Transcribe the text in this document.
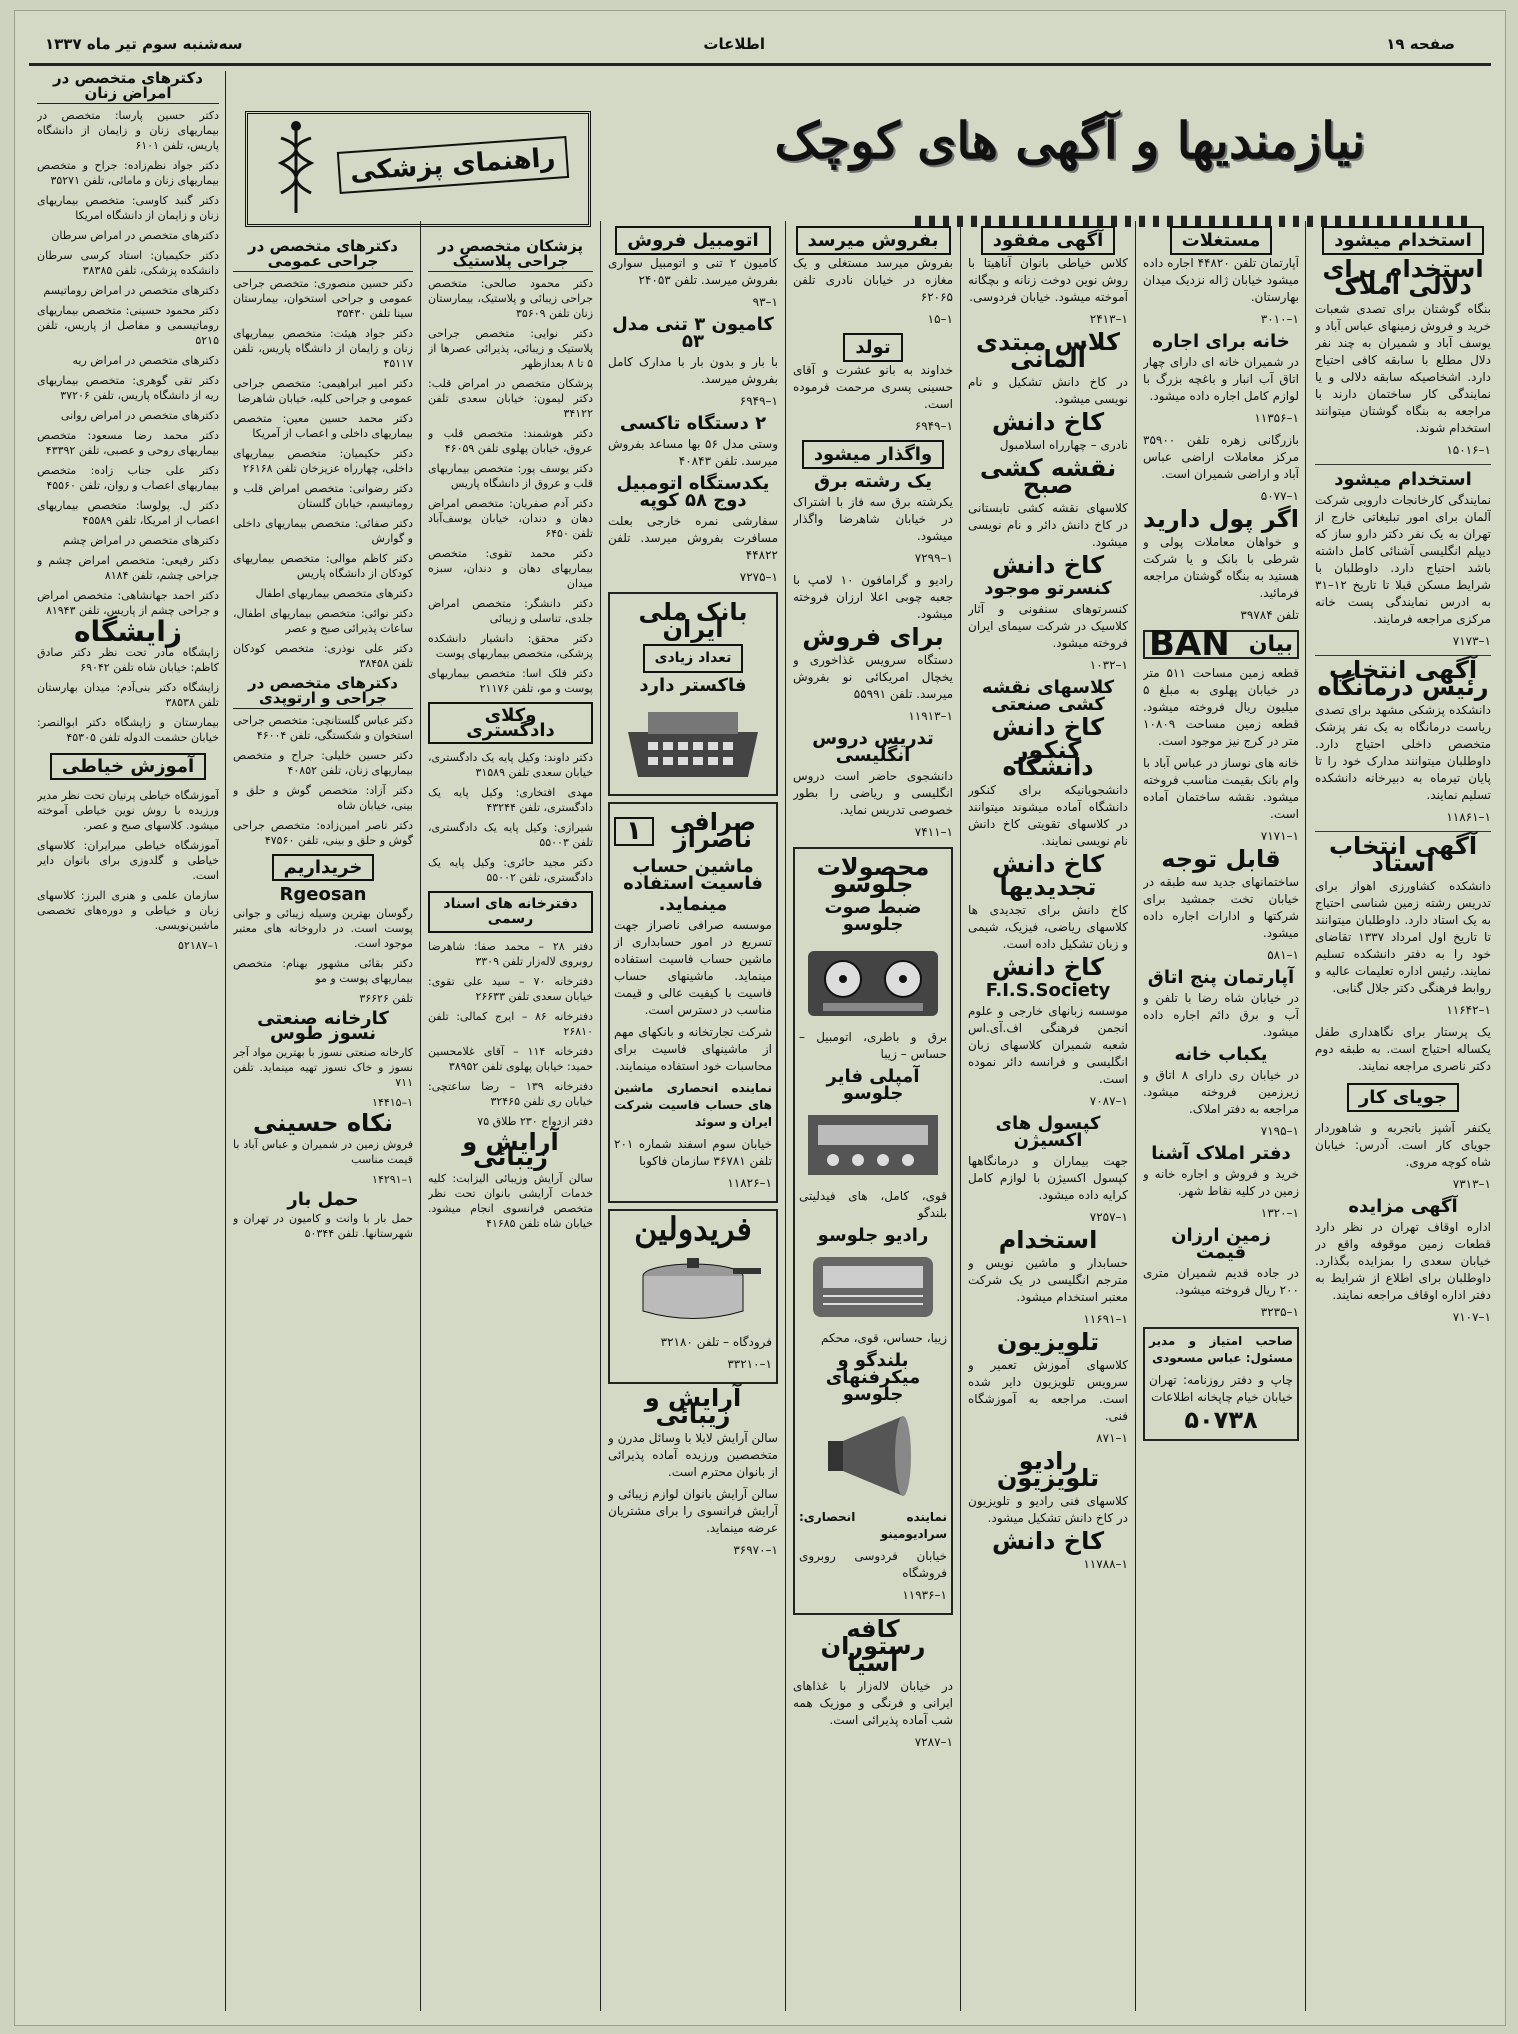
صفحه ۱۹
اطلاعات
سه‌شنبه سوم تیر ماه ۱۳۳۷
نیازمندیها و آگهی های کوچک
راهنمای پزشکی
استخدام میشود
استخدام برای دلالی املاک

بنگاه گوشتان برای تصدی شعبات خرید و فروش زمینهای عباس آباد و یوسف آباد و شمیران به چند نفر دلال مطلع با سابقه کافی احتیاج دارد. اشخاصیکه سابقه دلالی و یا نمایندگی کار ساختمان دارند با مراجعه به بنگاه گوشتان میتوانند استخدام شوند.

۱–۱۵۰۱۶

استخدام میشود

نمایندگی کارخانجات دارویی شرکت آلمان برای امور تبلیغاتی خارج از تهران به یک نفر دکتر دارو ساز که دیپلم انگلیسی آشنائی کامل داشته باشد احتیاج دارد. داوطلبان با شرایط مسکن قبلا تا تاریخ ۱۲–۳۱ به ادرس نمایندگی پست خانه مرکزی مراجعه فرمایند.

۱–۷۱۷۳

آگهی انتخاب رئیس درمانگاه

دانشکده پزشکی مشهد برای تصدی ریاست درمانگاه به یک نفر پزشک متخصص داخلی احتیاج دارد. داوطلبان میتوانند مدارک خود را تا پایان تیرماه به دبیرخانه دانشکده تسلیم نمایند.

۱–۱۱۸۶۱

آگهی انتخاب استاد

دانشکده کشاورزی اهواز برای تدریس رشته زمین شناسی احتیاج به یک استاد دارد. داوطلبان میتوانند تا تاریخ اول امرداد ۱۳۳۷ تقاضای خود را به دفتر دانشکده تسلیم نمایند. رئیس اداره تعلیمات عالیه و روابط فرهنگی دکتر جلال گنابی.

۱–۱۱۶۴۲

یک پرستار برای نگاهداری طفل یکساله احتیاج است. به طبقه دوم دکتر ناصری مراجعه نمایند.

جویای کار

یکنفر آشپز باتجربه و شاهوردار جویای کار است. آدرس: خیابان شاه کوچه مروی.

۱–۷۳۱۳

آگهی مزایده

اداره اوقاف تهران در نظر دارد قطعات زمین موقوفه واقع در خیابان سعدی را بمزایده بگذارد. داوطلبان برای اطلاع از شرایط به دفتر اداره اوقاف مراجعه نمایند.

۱–۷۱۰۷

مستغلات

آپارتمان تلفن ۴۴۸۲۰ اجاره داده میشود خیابان ژاله نزدیک میدان بهارستان.

۱–۳۰۱۰

خانه برای اجاره

در شمیران خانه ای دارای چهار اتاق آب انبار و باغچه بزرگ با لوازم کامل اجاره داده میشود.

۱–۱۱۳۵۶

بازرگانی زهره تلفن ۳۵۹۰۰ مرکز معاملات اراضی عباس آباد و اراضی شمیران است.

۱–۵۰۷۷

اگر پول دارید

و خواهان معاملات پولی و شرطی با بانک و یا شرکت هستید به بنگاه گوشتان مراجعه فرمائید.

تلفن ۳۹۷۸۴

بیان
BAN

قطعه زمین مساحت ۵۱۱ متر در خیابان پهلوی به مبلغ ۵ میلیون ریال فروخته میشود. قطعه زمین مساحت ۱۰۸۰۹ متر در کرج نیز موجود است.

خانه های نوساز در عباس آباد با وام بانک بقیمت مناسب فروخته میشود. نقشه ساختمان آماده است.

۱–۷۱۷۱

قابل توجه

ساختمانهای جدید سه طبقه در خیابان تخت جمشید برای شرکتها و ادارات اجاره داده میشود.

۱–۵۸۱

آپارتمان پنج اتاق

در خیابان شاه رضا با تلفن و آب و برق دائم اجاره داده میشود.

یکباب خانه

در خیابان ری دارای ۸ اتاق و زیرزمین فروخته میشود. مراجعه به دفتر املاک.

۱–۷۱۹۵

دفتر املاک آشنا

خرید و فروش و اجاره خانه و زمین در کلیه نقاط شهر.

۱–۱۳۲۰

زمین ارزان قیمت

در جاده قدیم شمیران متری ۲۰۰ ریال فروخته میشود.

۱–۳۲۳۵

صاحب امتیاز و مدیر مسئول: عباس مسعودی

چاپ و دفتر روزنامه: تهران خیابان خیام چاپخانه اطلاعات

۵۰۷۳۸
آگهی مفقود

کلاس خیاطی بانوان آناهیتا با روش نوین دوخت زنانه و بچگانه آموخته میشود. خیابان فردوسی.

۱–۲۴۱۳

کلاس مبتدی آلمانی

در کاخ دانش تشکیل و نام نویسی میشود.

کاخ دانش

نادری – چهارراه اسلامبول

نقشه کشی صبح

کلاسهای نقشه کشی تابستانی در کاخ دانش دائر و نام نویسی میشود.

کاخ دانش
کنسرتو موجود

کنسرتوهای سنفونی و آثار کلاسیک در شرکت سیمای ایران فروخته میشود.

۱–۱۰۳۲

کلاسهای نقشه کشی صنعتی
کاخ دانش
کنکور دانشگاه

دانشجویانیکه برای کنکور دانشگاه آماده میشوند میتوانند در کلاسهای تقویتی کاخ دانش نام نویسی نمایند.

کاخ دانش
تجدیدیها

کاخ دانش برای تجدیدی ها کلاسهای ریاضی، فیزیک، شیمی و زبان تشکیل داده است.

کاخ دانش
F.I.S.Society

موسسه زبانهای خارجی و علوم انجمن فرهنگی اف.آی.اس شعبه شمیران کلاسهای زبان انگلیسی و فرانسه دائر نموده است.

۱–۷۰۸۷

کپسول های اکسیژن

جهت بیماران و درمانگاهها کپسول اکسیژن با لوازم کامل کرایه داده میشود.

۱–۷۲۵۷

استخدام

حسابدار و ماشین نویس و مترجم انگلیسی در یک شرکت معتبر استخدام میشود.

۱–۱۱۶۹۱

تلویزیون

کلاسهای آموزش تعمیر و سرویس تلویزیون دایر شده است. مراجعه به آموزشگاه فنی.

۱–۸۷۱

رادیو تلویزیون

کلاسهای فنی رادیو و تلویزیون در کاخ دانش تشکیل میشود.

کاخ دانش

۱–۱۱۷۸۸

بفروش میرسد

بفروش میرسد مستغلی و یک مغازه در خیابان نادری تلفن ۶۲۰۶۵

۱–۱۵

تولد

خداوند به بانو عشرت و آقای حسینی پسری مرحمت فرموده است.

۱–۶۹۴۹

واگذار میشود
یک رشته برق

یکرشته برق سه فاز با اشتراک در خیابان شاهرضا واگذار میشود.

۱–۷۲۹۹

رادیو و گرامافون ۱۰ لامپ با جعبه چوبی اعلا ارزان فروخته میشود.

برای فروش

دستگاه سرویس غذاخوری و یخچال امریکائی نو بفروش میرسد. تلفن ۵۵۹۹۱

۱–۱۱۹۱۳

تدریس دروس انگلیسی

دانشجوی حاضر است دروس انگلیسی و ریاضی را بطور خصوصی تدریس نماید.

۱–۷۴۱۱

محصولات جلوسو
ضبط صوت جلوسو

برق و باطری، اتومبیل – حساس – زیبا

آمپلی فایر جلوسو

قوی، کامل، های فیدلیتی بلندگو

رادیو جلوسو

زیبا، حساس، قوی، محکم

بلندگو و میکرفنهای جلوسو

نماینده انحصاری: سرادیومینو

خیابان فردوسی روبروی فروشگاه

۱–۱۱۹۳۶

کافه رستوران آسیا

در خیابان لاله‌زار با غذاهای ایرانی و فرنگی و موزیک همه شب آماده پذیرائی است.

۱–۷۲۸۷

اتومبیل فروش

کامیون ۲ تنی و اتومبیل سواری بفروش میرسد. تلفن ۲۴۰۵۳

۱–۹۳

کامیون ۳ تنی مدل ۵۳

با بار و بدون بار با مدارک کامل بفروش میرسد.

۱–۶۹۴۹

۲ دستگاه تاکسی

وستی مدل ۵۶ بها مساعد بفروش میرسد. تلفن ۴۰۸۴۳

یکدستگاه اتومبیل دوج ۵۸ کوپه

سفارشی نمره خارجی بعلت مسافرت بفروش میرسد. تلفن ۴۴۸۲۲

۱–۷۲۷۵

بانک ملی ایران
تعداد زیادی
فاکستر دارد
صرافی ناصراز
۱
ماشین حساب فاسیت استفاده
مینماید.

موسسه صرافی ناصراز جهت تسریع در امور حسابداری از ماشین حساب فاسیت استفاده مینماید. ماشینهای حساب فاسیت با کیفیت عالی و قیمت مناسب در دسترس است.

شرکت تجارتخانه و بانکهای مهم از ماشینهای فاسیت برای محاسبات خود استفاده مینمایند.

نماینده انحصاری ماشین های حساب فاسیت شرکت ایران و سوئد

خیابان سوم اسفند شماره ۲۰۱ تلفن ۳۶۷۸۱ سازمان فاکوبا

۱–۱۱۸۲۶

فریدولین

فرودگاه – تلفن ۳۲۱۸۰

۱–۳۳۲۱۰

آرایش و زیبائی

سالن آرایش لایلا با وسائل مدرن و متخصصین ورزیده آماده پذیرائی از بانوان محترم است.

سالن آرایش بانوان لوازم زیبائی و آرایش فرانسوی را برای مشتریان عرضه مینماید.

۱–۳۶۹۷۰

پزشکان متخصص در جراحی پلاستیک

دکتر محمود صالحی: متخصص جراحی زیبائی و پلاستیک، بیمارستان زنان تلفن ۳۵۶۰۹

دکتر نوایی: متخصص جراحی پلاستیک و زیبائی، پذیرائی عصرها از ۵ تا ۸ بعدازظهر

پزشکان متخصص در امراض قلب: دکتر لیمون: خیابان سعدی تلفن ۳۴۱۲۲

دکتر هوشمند: متخصص قلب و عروق، خیابان پهلوی تلفن ۴۶۰۵۹

دکتر یوسف پور: متخصص بیماریهای قلب و عروق از دانشگاه پاریس

دکتر آدم صفریان: متخصص امراض دهان و دندان، خیابان یوسف‌آباد تلفن ۶۴۵۰

دکتر محمد تقوی: متخصص بیماریهای دهان و دندان، سبزه میدان

دکتر دانشگر: متخصص امراض جلدی، تناسلی و زیبائی

دکتر محقق: دانشیار دانشکده پزشکی، متخصص بیماریهای پوست

دکتر فلک اسا: متخصص بیماریهای پوست و مو، تلفن ۲۱۱۷۶

وکلای دادگستری

دکتر داوند: وکیل پایه یک دادگستری، خیابان سعدی تلفن ۳۱۵۸۹

مهدی افتخاری: وکیل پایه یک دادگستری، تلفن ۴۳۲۴۴

شیرازی: وکیل پایه یک دادگستری، تلفن ۵۵۰۰۳

دکتر مجید حائری: وکیل پایه یک دادگستری، تلفن ۵۵۰۰۲

دفترخانه های اسناد رسمی

دفتر ۲۸ – محمد صفا: شاهرضا روبروی لاله‌زار تلفن ۳۳۰۹

دفترخانه ۷۰ – سید علی تقوی: خیابان سعدی تلفن ۲۶۶۳۳

دفترخانه ۸۶ – ایرج کمالی: تلفن ۲۶۸۱۰

دفترخانه ۱۱۴ – آقای غلامحسین حمید: خیابان پهلوی تلفن ۳۸۹۵۲

دفترخانه ۱۳۹ – رضا ساعتچی: خیابان ری تلفن ۳۲۴۶۵

دفتر ازدواج ۲۳۰ طلاق ۷۵

آرایش و زیبائی

سالن آرایش وزیبائی الیزابت: کلیه خدمات آرایشی بانوان تحت نظر متخصص فرانسوی انجام میشود. خیابان شاه تلفن ۴۱۶۸۵

دکترهای متخصص در جراحی عمومی

دکتر حسین منصوری: متخصص جراحی عمومی و جراحی استخوان، بیمارستان سینا تلفن ۳۵۴۳۰

دکتر جواد هیئت: متخصص بیماریهای زنان و زایمان از دانشگاه پاریس، تلفن ۴۵۱۱۷

دکتر امیر ابراهیمی: متخصص جراحی عمومی و جراحی کلیه، خیابان شاهرضا

دکتر محمد حسین معین: متخصص بیماریهای داخلی و اعصاب از آمریکا

دکتر حکیمیان: متخصص بیماریهای داخلی، چهارراه عزیزخان تلفن ۲۶۱۶۸

دکتر رضوانی: متخصص امراض قلب و روماتیسم، خیابان گلستان

دکتر صفائی: متخصص بیماریهای داخلی و گوارش

دکتر کاظم موالی: متخصص بیماریهای کودکان از دانشگاه پاریس

دکترهای متخصص بیماریهای اطفال

دکتر نوائی: متخصص بیماریهای اطفال، ساعات پذیرائی صبح و عصر

دکتر علی نوذری: متخصص کودکان تلفن ۳۸۴۵۸

دکترهای متخصص در جراحی و ارتوپدی

دکتر عباس گلستانچی: متخصص جراحی استخوان و شکستگی، تلفن ۴۶۰۰۴

دکتر حسین خلیلی: جراح و متخصص بیماریهای زنان، تلفن ۴۰۸۵۲

دکتر آزاد: متخصص گوش و حلق و بینی، خیابان شاه

دکتر ناصر امین‌زاده: متخصص جراحی گوش و حلق و بینی، تلفن ۴۷۵۶۰

خریداریم
Rgeosan

رگوسان بهترین وسیله زیبائی و جوانی پوست است. در داروخانه های معتبر موجود است.

دکتر بقائی مشهور بهنام: متخصص بیماریهای پوست و مو

تلفن ۳۶۶۲۶

کارخانه صنعتی نسوز طوس

کارخانه صنعتی نسوز با بهترین مواد آجر نسوز و خاک نسوز تهیه مینماید. تلفن ۷۱۱

۱–۱۴۴۱۵

نکاه حسینی

فروش زمین در شمیران و عباس آباد با قیمت مناسب

۱–۱۴۲۹۱

حمل بار

حمل بار با وانت و کامیون در تهران و شهرستانها. تلفن ۵۰۳۴۴

دکترهای متخصص در امراض زنان

دکتر حسین پارسا: متخصص در بیماریهای زنان و زایمان از دانشگاه پاریس، تلفن ۶۱۰۱

دکتر جواد نظم‌زاده: جراح و متخصص بیماریهای زنان و مامائی، تلفن ۳۵۲۷۱

دکتر گنبد کاوسی: متخصص بیماریهای زنان و زایمان از دانشگاه امریکا

دکترهای متخصص در امراض سرطان

دکتر حکیمیان: استاد کرسی سرطان دانشکده پزشکی، تلفن ۳۸۳۸۵

دکترهای متخصص در امراض روماتیسم

دکتر محمود حسینی: متخصص بیماریهای روماتیسمی و مفاصل از پاریس، تلفن ۵۲۱۵

دکترهای متخصص در امراض ریه

دکتر تقی گوهری: متخصص بیماریهای ریه از دانشگاه پاریس، تلفن ۳۷۲۰۶

دکترهای متخصص در امراض روانی

دکتر محمد رضا مسعود: متخصص بیماریهای روحی و عصبی، تلفن ۴۳۳۹۲

دکتر علی جناب زاده: متخصص بیماریهای اعصاب و روان، تلفن ۴۵۵۶۰

دکتر ل. پولوسا: متخصص بیماریهای اعصاب از امریکا، تلفن ۴۵۵۸۹

دکترهای متخصص در امراض چشم

دکتر رفیعی: متخصص امراض چشم و جراحی چشم، تلفن ۸۱۸۴

دکتر احمد جهانشاهی: متخصص امراض و جراحی چشم از پاریس، تلفن ۸۱۹۴۳

زایشگاه

زایشگاه مادر تحت نظر دکتر صادق کاظم: خیابان شاه تلفن ۶۹۰۴۲

زایشگاه دکتر بنی‌آدم: میدان بهارستان تلفن ۳۸۵۳۸

بیمارستان و زایشگاه دکتر ابوالنصر: خیابان حشمت الدوله تلفن ۴۵۳۰۵

آموزش خیاطی

آموزشگاه خیاطی پرنیان تحت نظر مدیر ورزیده با روش نوین خیاطی آموخته میشود. کلاسهای صبح و عصر.

آموزشگاه خیاطی میرایران: کلاسهای خیاطی و گلدوزی برای بانوان دایر است.

سازمان علمی و هنری البرز: کلاسهای زبان و خیاطی و دوره‌های تخصصی ماشین‌نویسی.

۱–۵۲۱۸۷
